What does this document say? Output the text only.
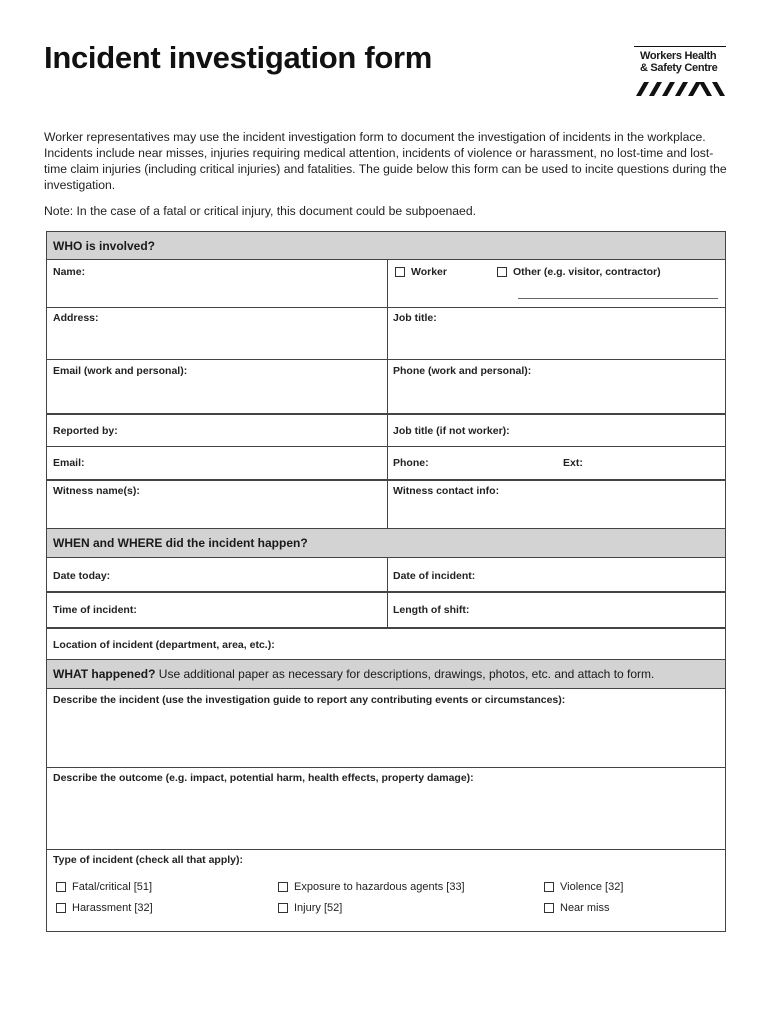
Incident investigation form	Workers Health
& Safety Centre
Worker representatives may use the incident investigation form to document the investigation of incidents in the workplace. Incidents include near misses, injuries requiring medical attention, incidents of violence or harassment, no lost-time and lost-time claim injuries (including critical injuries) and fatalities. The guide below this form can be used to incite questions during the investigation.
Note: In the case of a fatal or critical injury, this document could be subpoenaed.
WHO is involved?
Name:	Worker	Other (e.g. visitor, contractor)
Address:	Job title:
Email (work and personal):	Phone (work and personal):
Reported by:	Job title (if not worker):
Email:	Phone:	Ext:
Witness name(s):	Witness contact info:
WHEN and WHERE did the incident happen?
Date today:	Date of incident:
Time of incident:	Length of shift:
Location of incident (department, area, etc.):
WHAT happened? Use additional paper as necessary for descriptions, drawings, photos, etc. and attach to form.
Describe the incident (use the investigation guide to report any contributing events or circumstances):
Describe the outcome (e.g. impact, potential harm, health effects, property damage):
Type of incident (check all that apply):
Fatal/critical [51]	Exposure to hazardous agents [33]	Violence [32]
Harassment [32]	Injury [52]	Near miss
